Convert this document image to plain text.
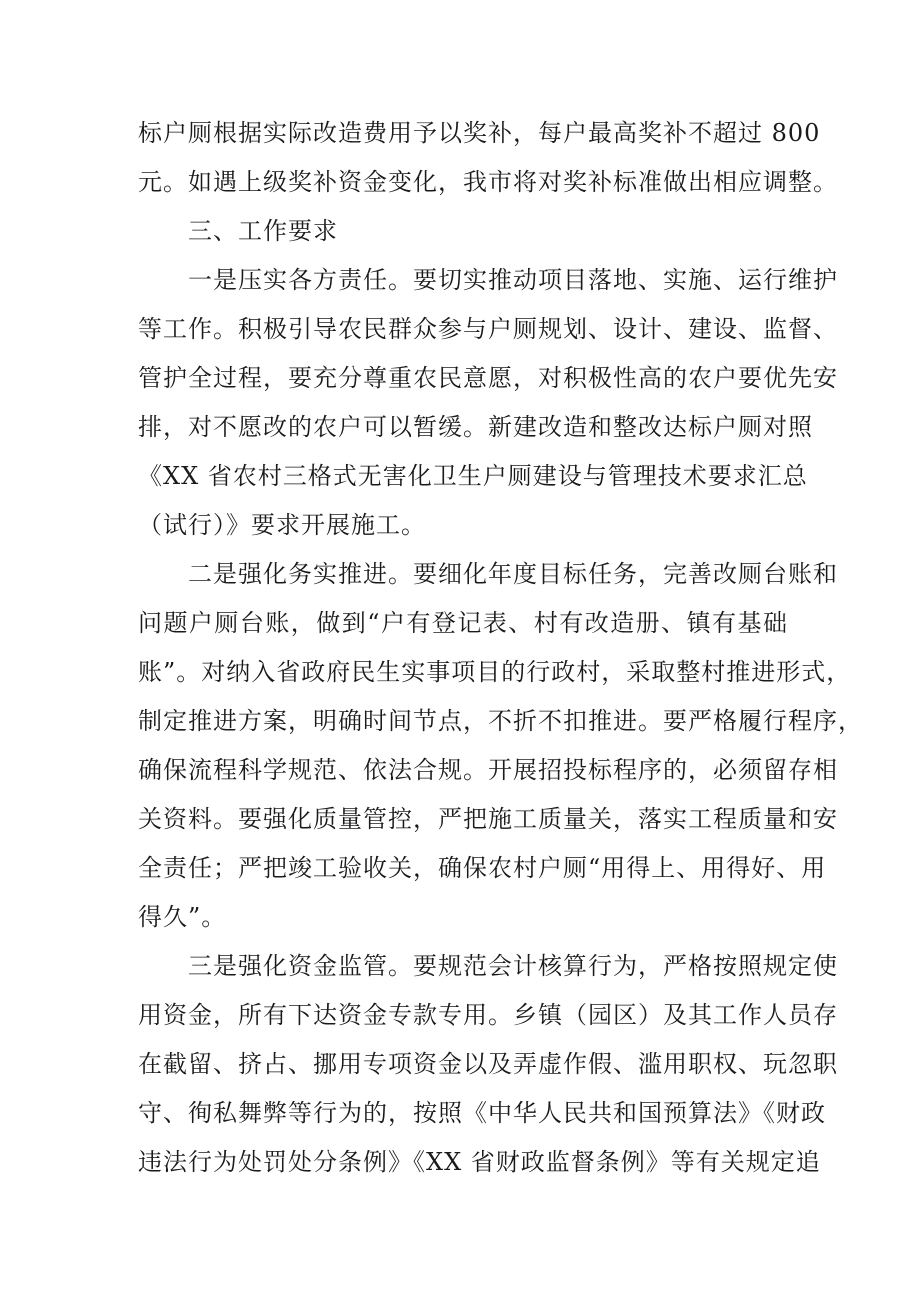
标户厕根据实际改造费用予以奖补，每户最高奖补不超过 800
元。如遇上级奖补资金变化，我市将对奖补标准做出相应调整。
三、工作要求
一是压实各方责任。要切实推动项目落地、实施、运行维护
等工作。积极引导农民群众参与户厕规划、设计、建设、监督、
管护全过程，要充分尊重农民意愿，对积极性高的农户要优先安
排，对不愿改的农户可以暂缓。新建改造和整改达标户厕对照
《XX 省农村三格式无害化卫生户厕建设与管理技术要求汇总
（试行）》要求开展施工。
二是强化务实推进。要细化年度目标任务，完善改厕台账和
问题户厕台账，做到“户有登记表、村有改造册、镇有基础
账”。对纳入省政府民生实事项目的行政村，采取整村推进形式，
制定推进方案，明确时间节点，不折不扣推进。要严格履行程序，
确保流程科学规范、依法合规。开展招投标程序的，必须留存相
关资料。要强化质量管控，严把施工质量关，落实工程质量和安
全责任；严把竣工验收关，确保农村户厕“用得上、用得好、用
得久”。
三是强化资金监管。要规范会计核算行为，严格按照规定使
用资金，所有下达资金专款专用。乡镇（园区）及其工作人员存
在截留、挤占、挪用专项资金以及弄虚作假、滥用职权、玩忽职
守、徇私舞弊等行为的，按照《中华人民共和国预算法》《财政
违法行为处罚处分条例》《XX 省财政监督条例》等有关规定追
